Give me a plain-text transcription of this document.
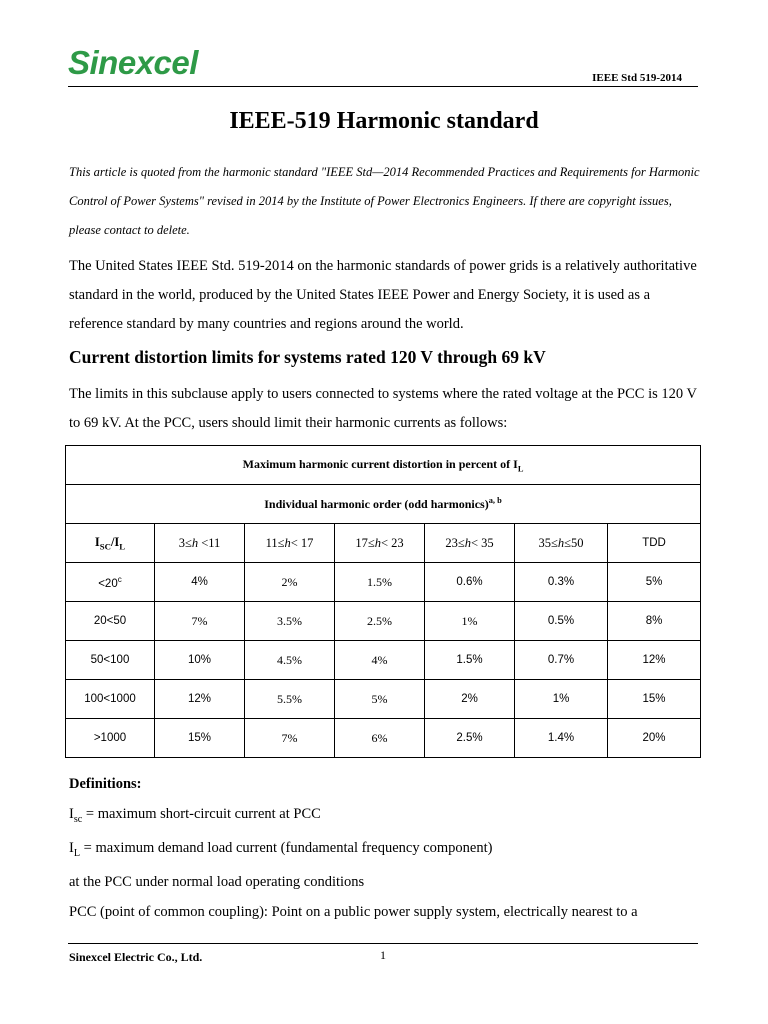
Sinexcel	IEEE Std 519-2014
IEEE-519 Harmonic standard
This article is quoted from the harmonic standard "IEEE Std—2014 Recommended Practices and Requirements for Harmonic Control of Power Systems" revised in 2014 by the Institute of Power Electronics Engineers. If there are copyright issues, please contact to delete.
The United States IEEE Std. 519-2014 on the harmonic standards of power grids is a relatively authoritative standard in the world, produced by the United States IEEE Power and Energy Society, it is used as a reference standard by many countries and regions around the world.
Current distortion limits for systems rated 120 V through 69 kV
The limits in this subclause apply to users connected to systems where the rated voltage at the PCC is 120 V to 69 kV. At the PCC, users should limit their harmonic currents as follows:
Maximum harmonic current distortion in percent of $I_L$
Individual harmonic order (odd harmonics)$^{a, b}$
$I_{SC}/I_L$	3≤h <11	11≤h< 17	17≤h< 23	23≤h< 35	35≤h≤50	TDD
$<20^c$	4%	2%	1.5%	0.6%	0.3%	5%
20<50	7%	3.5%	2.5%	1%	0.5%	8%
50<100	10%	4.5%	4%	1.5%	0.7%	12%
100<1000	12%	5.5%	5%	2%	1%	15%
>1000	15%	7%	6%	2.5%	1.4%	20%
Definitions:
$I_{sc}$ = maximum short-circuit current at PCC
$I_L$ = maximum demand load current (fundamental frequency component)
at the PCC under normal load operating conditions
PCC (point of common coupling): Point on a public power supply system, electrically nearest to a
Sinexcel Electric Co., Ltd.	1
